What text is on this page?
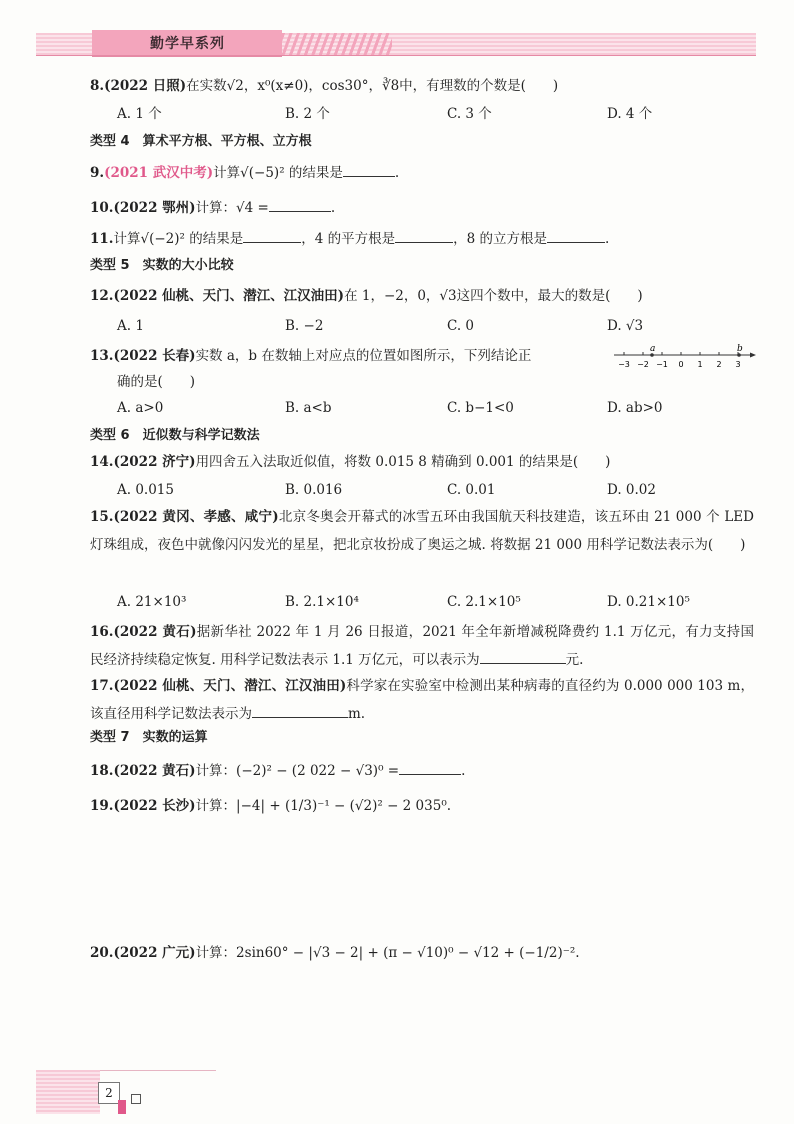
勤学早系列
8.(2022 日照)在实数√2，x⁰(x≠0)，cos30°，∛8中，有理数的个数是(　　)
A. 1 个	B. 2 个	C. 3 个	D. 4 个
类型 4　算术平方根、平方根、立方根
9.(2021 武汉中考)计算√(−5)² 的结果是	.
10.(2022 鄂州)计算：√4 =	.
11.计算√(−2)² 的结果是	，4 的平方根是	，8 的立方根是	.
类型 5　实数的大小比较
12.(2022 仙桃、天门、潜江、江汉油田)在 1，−2，0，√3这四个数中，最大的数是(　　)
A. 1	B. −2	C. 0	D. √3
13.(2022 长春)实数 a，b 在数轴上对应点的位置如图所示，下列结论正
确的是(　　)
−3 −2 −1 0 1 2 3
a	b
A. a>0	B. a<b	C. b−1<0	D. ab>0
类型 6　近似数与科学记数法
14.(2022 济宁)用四舍五入法取近似值，将数 0.015 8 精确到 0.001 的结果是(　　)
A. 0.015	B. 0.016	C. 0.01	D. 0.02
15.(2022 黄冈、孝感、咸宁)北京冬奥会开幕式的冰雪五环由我国航天科技建造，该五环由 21 000 个 LED 灯珠组成，夜色中就像闪闪发光的星星，把北京妆扮成了奥运之城. 将数据 21 000 用科学记数法表示为(　　)
A. 21×10³	B. 2.1×10⁴	C. 2.1×10⁵	D. 0.21×10⁵
16.(2022 黄石)据新华社 2022 年 1 月 26 日报道，2021 年全年新增减税降费约 1.1 万亿元，有力支持国民经济持续稳定恢复. 用科学记数法表示 1.1 万亿元，可以表示为	元.
17.(2022 仙桃、天门、潜江、江汉油田)科学家在实验室中检测出某种病毒的直径约为 0.000 000 103 m，该直径用科学记数法表示为	m.
类型 7　实数的运算
18.(2022 黄石)计算：(−2)² − (2 022 − √3)⁰ =	.
19.(2022 长沙)计算：|−4| + (1/3)⁻¹ − (√2)² − 2 035⁰.
20.(2022 广元)计算：2sin60° − |√3 − 2| + (π − √10)⁰ − √12 + (−1/2)⁻².
2
